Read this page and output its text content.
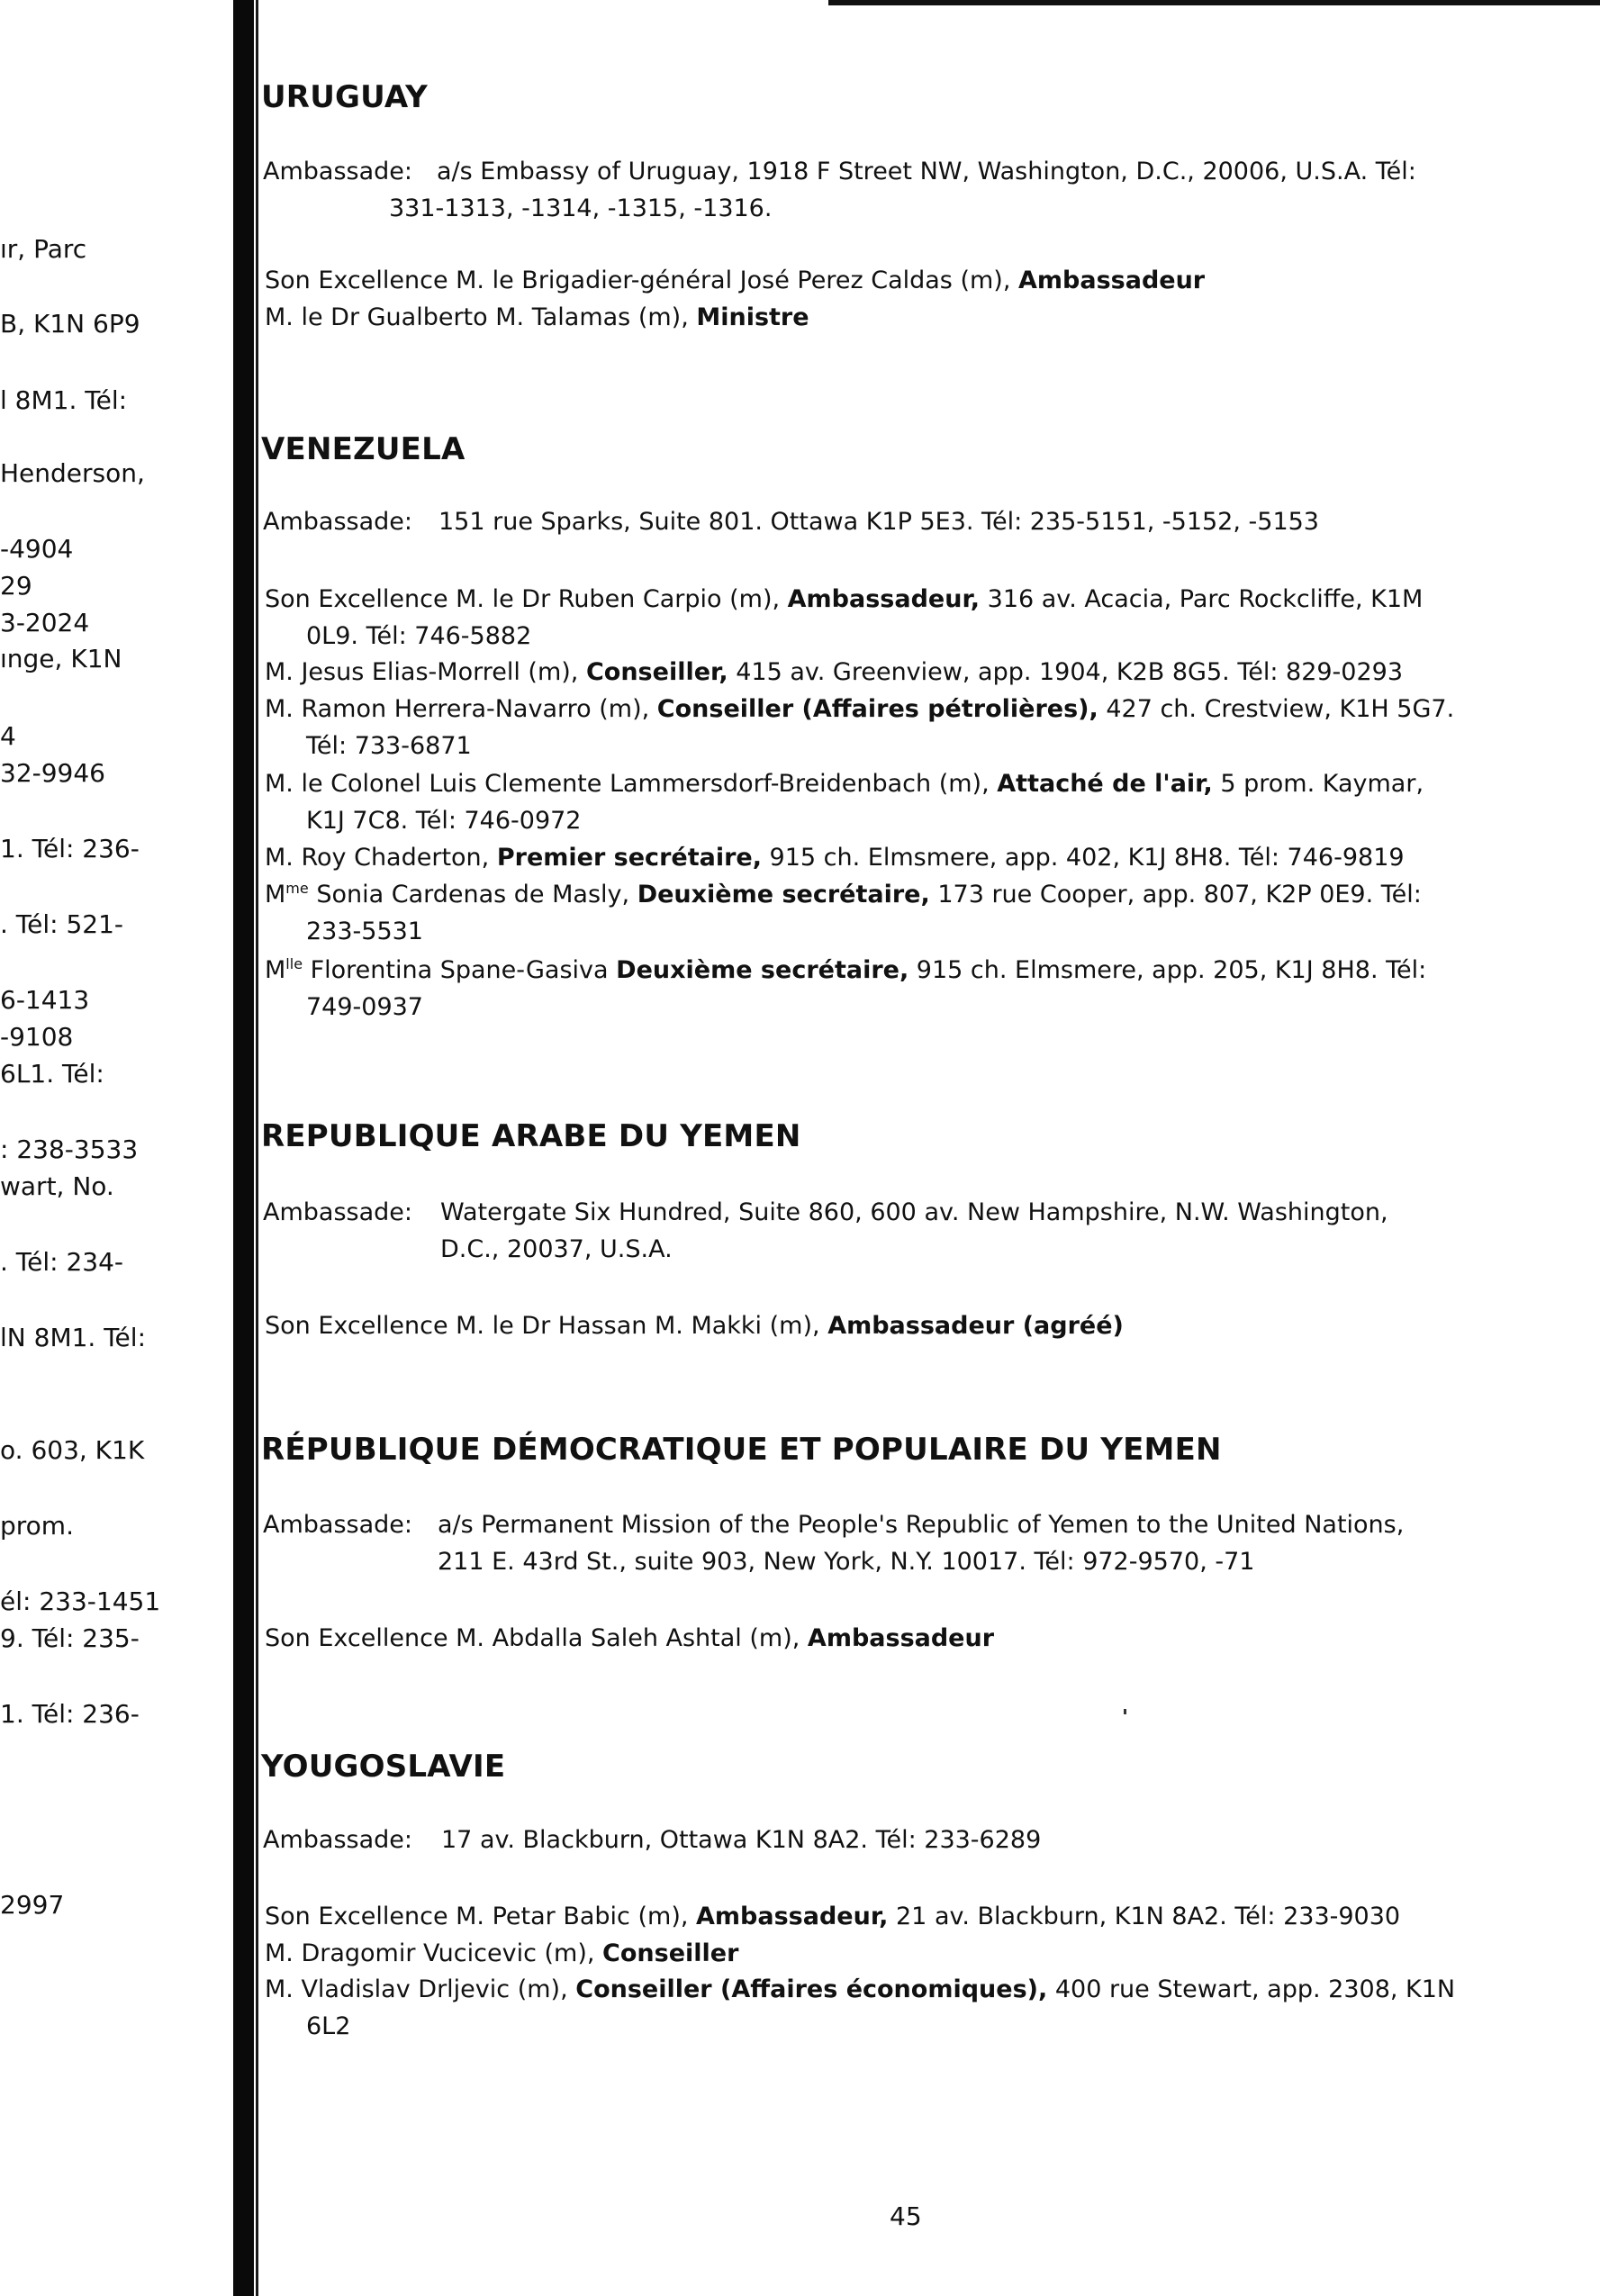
ır, Parc
B, K1N 6P9
l 8M1. Tél:
Henderson,
-4904
29
3-2024
ınge, K1N
4
32-9946
1. Tél: 236-
. Tél: 521-
6-1413
-9108
6L1. Tél:
: 238-3533
wart, No.
. Tél: 234-
lN 8M1. Tél:
o. 603, K1K
prom.
él: 233-1451
9. Tél: 235-
1. Tél: 236-
2997
URUGUAY
Ambassade: a/s Embassy of Uruguay, 1918 F Street NW, Washington, D.C., 20006, U.S.A. Tél:
331-1313, -1314, -1315, -1316.
Son Excellence M. le Brigadier-général José Perez Caldas (m), Ambassadeur
M. le Dr Gualberto M. Talamas (m), Ministre
VENEZUELA
Ambassade: 151 rue Sparks, Suite 801. Ottawa K1P 5E3. Tél: 235-5151, -5152, -5153
Son Excellence M. le Dr Ruben Carpio (m), Ambassadeur, 316 av. Acacia, Parc Rockcliffe, K1M
0L9. Tél: 746-5882
M. Jesus Elias-Morrell (m), Conseiller, 415 av. Greenview, app. 1904, K2B 8G5. Tél: 829-0293
M. Ramon Herrera-Navarro (m), Conseiller (Affaires pétrolières), 427 ch. Crestview, K1H 5G7.
Tél: 733-6871
M. le Colonel Luis Clemente Lammersdorf-Breidenbach (m), Attaché de l'air, 5 prom. Kaymar,
K1J 7C8. Tél: 746-0972
M. Roy Chaderton, Premier secrétaire, 915 ch. Elmsmere, app. 402, K1J 8H8. Tél: 746-9819
$M^{me}$ Sonia Cardenas de Masly, Deuxième secrétaire, 173 rue Cooper, app. 807, K2P 0E9. Tél:
233-5531
$M^{lle}$ Florentina Spane-Gasiva Deuxième secrétaire, 915 ch. Elmsmere, app. 205, K1J 8H8. Tél:
749-0937
REPUBLIQUE ARABE DU YEMEN
Ambassade: Watergate Six Hundred, Suite 860, 600 av. New Hampshire, N.W. Washington,
D.C., 20037, U.S.A.
Son Excellence M. le Dr Hassan M. Makki (m), Ambassadeur (agréé)
RÉPUBLIQUE DÉMOCRATIQUE ET POPULAIRE DU YEMEN
Ambassade: a/s Permanent Mission of the People's Republic of Yemen to the United Nations,
211 E. 43rd St., suite 903, New York, N.Y. 10017. Tél: 972-9570, -71
Son Excellence M. Abdalla Saleh Ashtal (m), Ambassadeur
YOUGOSLAVIE
Ambassade: 17 av. Blackburn, Ottawa K1N 8A2. Tél: 233-6289
Son Excellence M. Petar Babic (m), Ambassadeur, 21 av. Blackburn, K1N 8A2. Tél: 233-9030
M. Dragomir Vucicevic (m), Conseiller
M. Vladislav Drljevic (m), Conseiller (Affaires économiques), 400 rue Stewart, app. 2308, K1N
6L2
45
